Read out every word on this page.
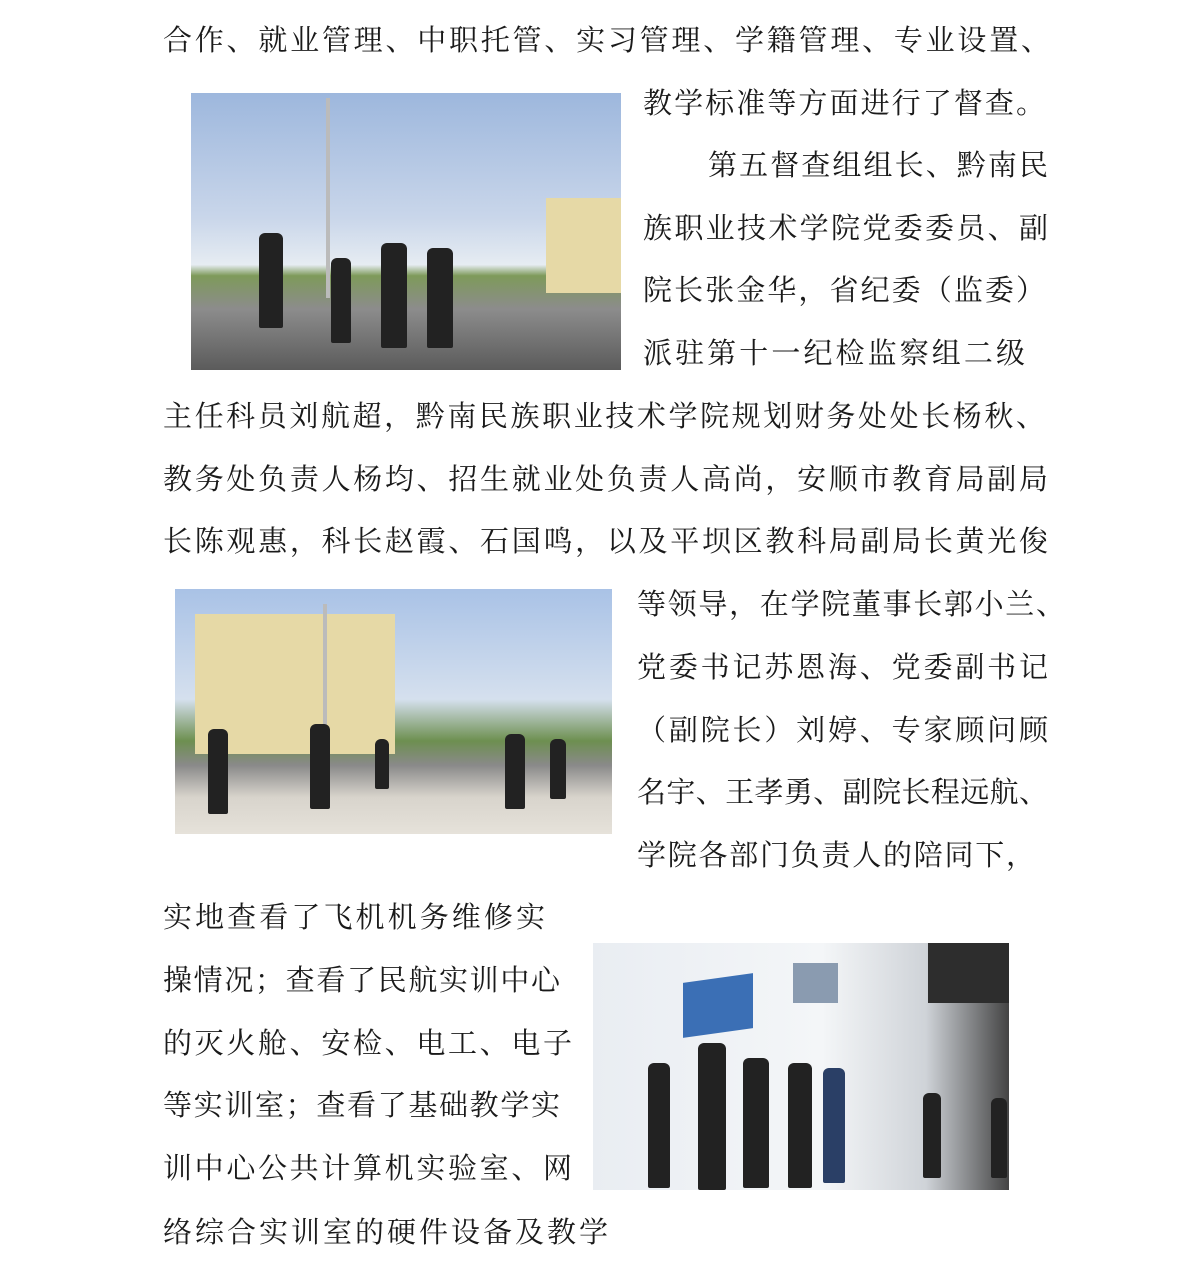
合作、就业管理、中职托管、实习管理、学籍管理、专业设置、
教学标准等方面进行了督查。
第五督查组组长、黔南民
族职业技术学院党委委员、副
院长张金华，省纪委（监委）
派驻第十一纪检监察组二级
主任科员刘航超，黔南民族职业技术学院规划财务处处长杨秋、
教务处负责人杨均、招生就业处负责人高尚，安顺市教育局副局
长陈观惠，科长赵霞、石国鸣，以及平坝区教科局副局长黄光俊
等领导，在学院董事长郭小兰、
党委书记苏恩海、党委副书记
（副院长）刘婷、专家顾问顾
名宇、王孝勇、副院长程远航、
学院各部门负责人的陪同下，
实地查看了飞机机务维修实
操情况；查看了民航实训中心
的灭火舱、安检、电工、电子
等实训室；查看了基础教学实
训中心公共计算机实验室、网
络综合实训室的硬件设备及教学
